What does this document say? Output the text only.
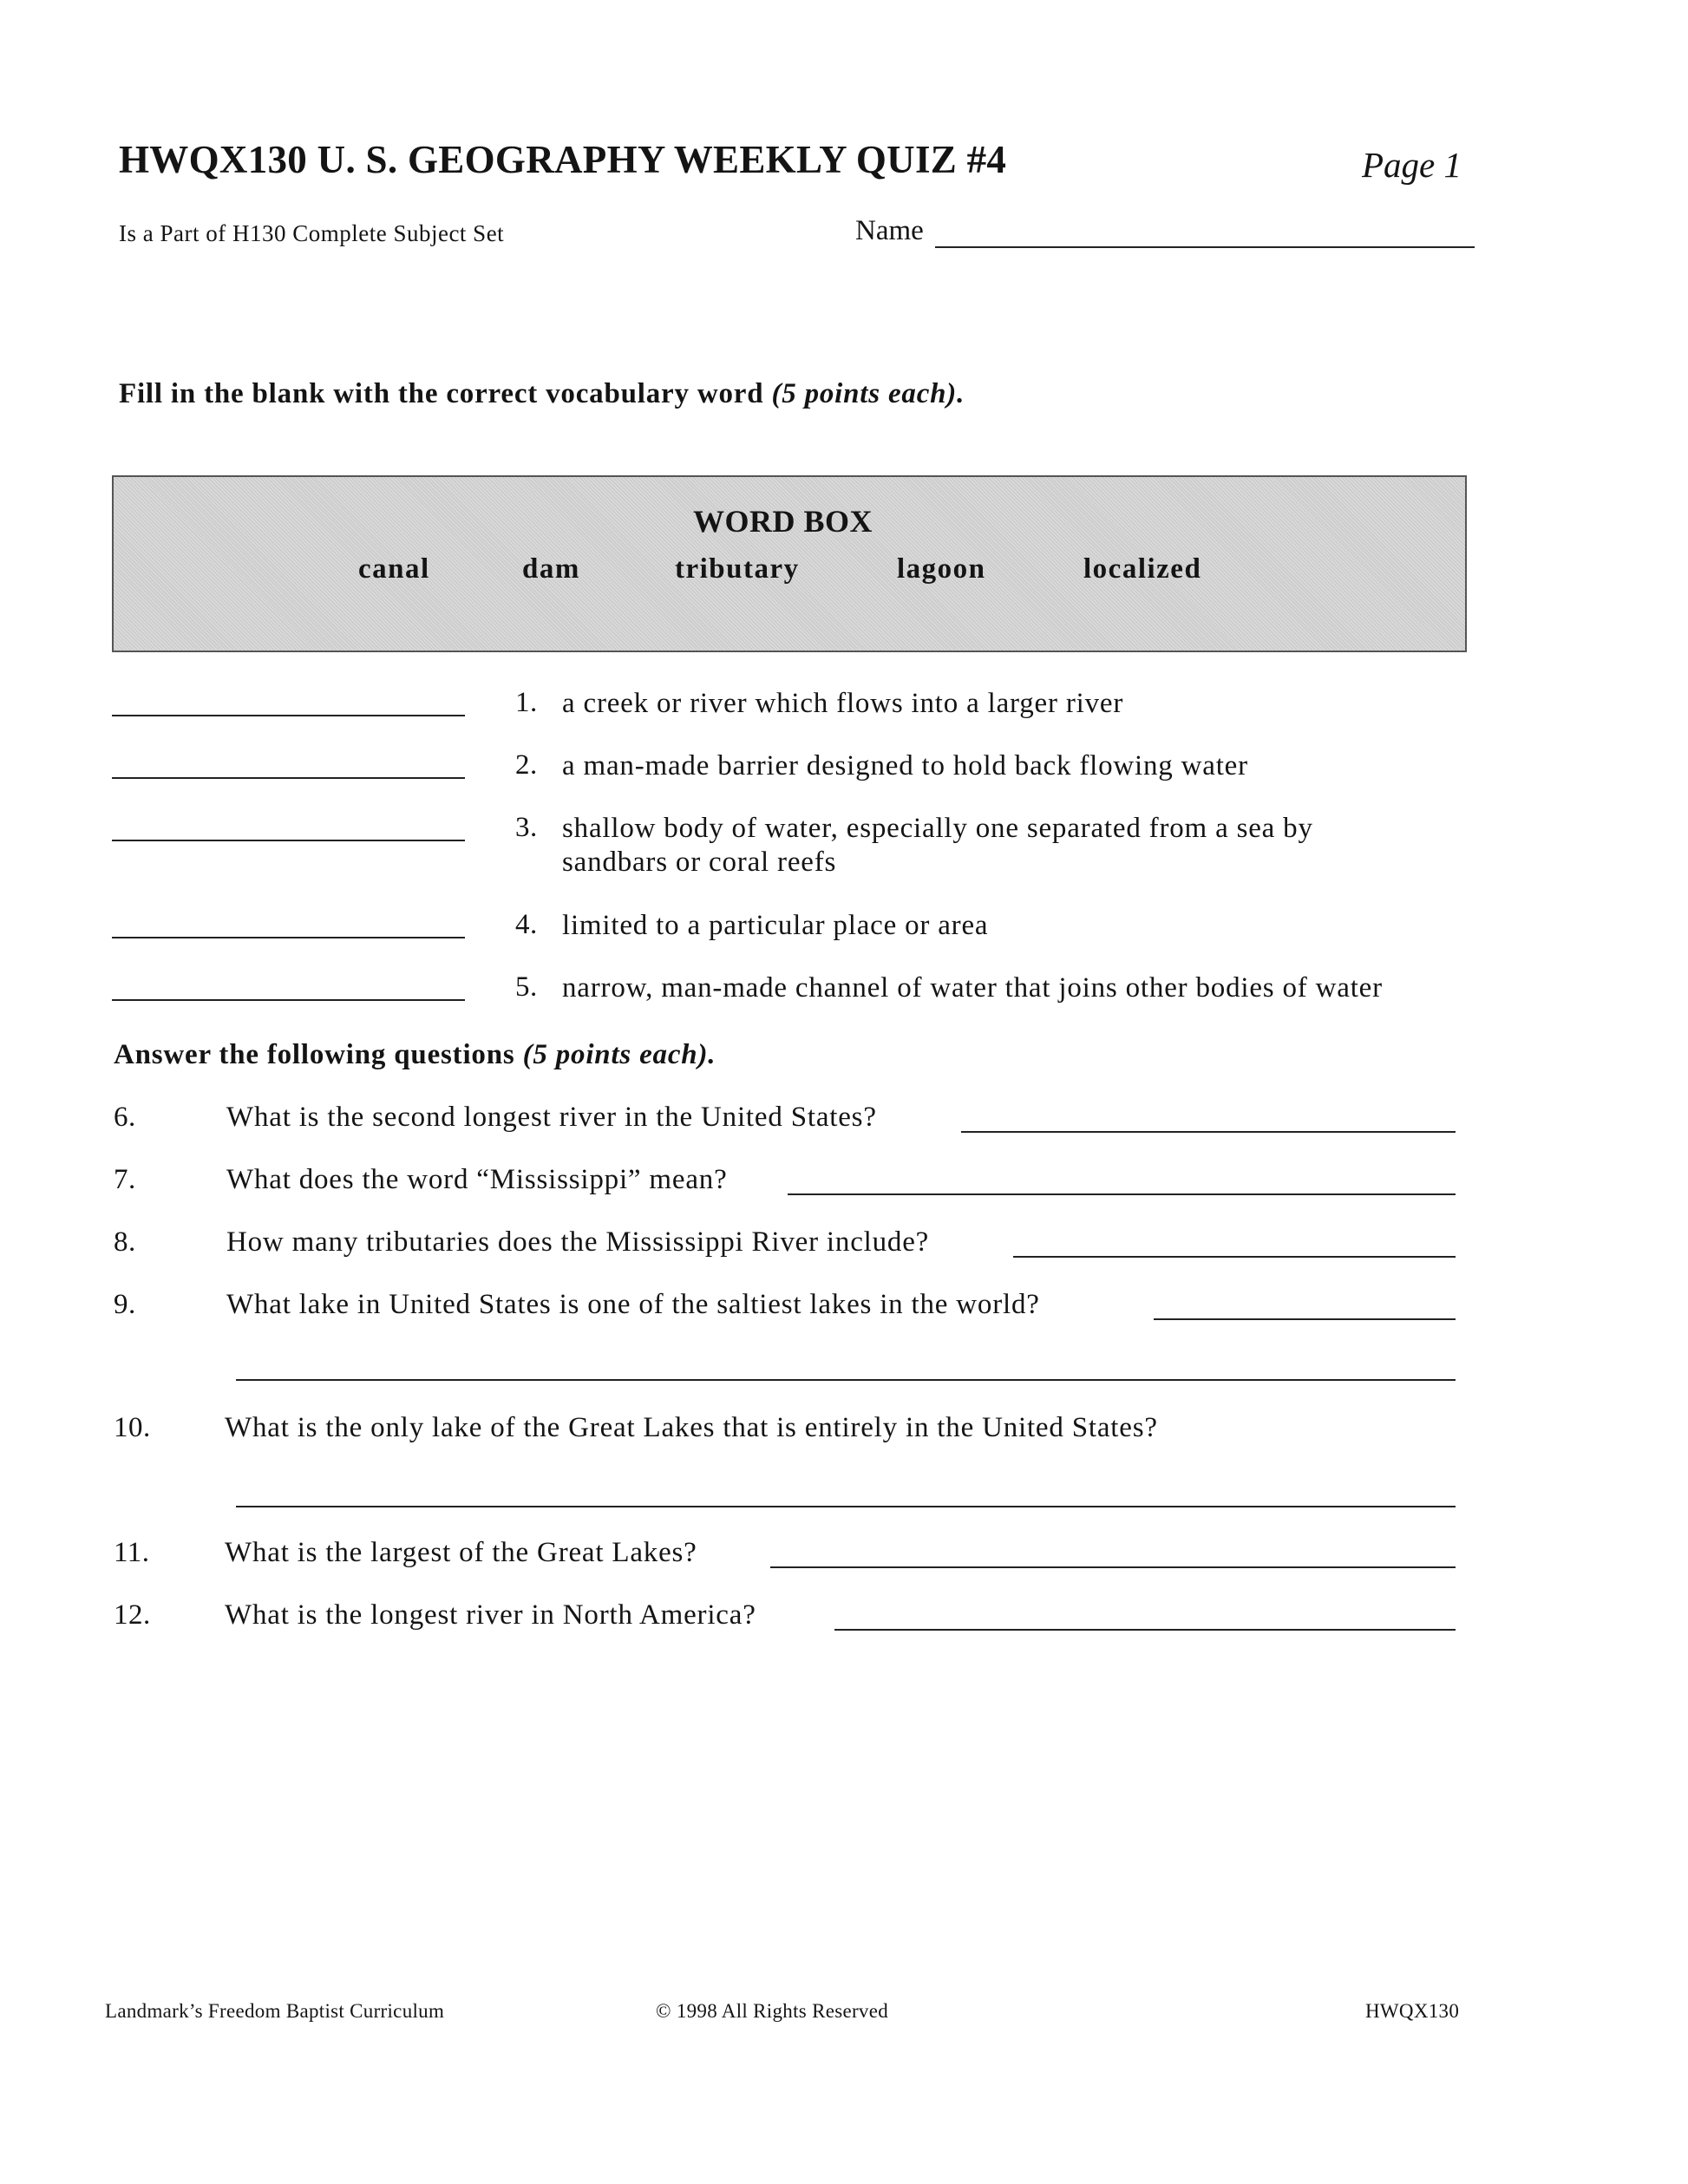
HWQX130 U. S. GEOGRAPHY WEEKLY QUIZ #4	Page 1
Is a Part of H130 Complete Subject Set	Name
Fill in the blank with the correct vocabulary word (5 points each).
WORD BOX
canal	dam	tributary	lagoon	localized
1. a creek or river which flows into a larger river
2. a man-made barrier designed to hold back flowing water
3. shallow body of water, especially one separated from a sea by
sandbars or coral reefs
4. limited to a particular place or area
5. narrow, man-made channel of water that joins other bodies of water
Answer the following questions (5 points each).
6.	What is the second longest river in the United States?
7.	What does the word “Mississippi” mean?
8.	How many tributaries does the Mississippi River include?
9.	What lake in United States is one of the saltiest lakes in the world?
10.	What is the only lake of the Great Lakes that is entirely in the United States?
11.	What is the largest of the Great Lakes?
12.	What is the longest river in North America?
Landmark’s Freedom Baptist Curriculum	© 1998 All Rights Reserved	HWQX130
